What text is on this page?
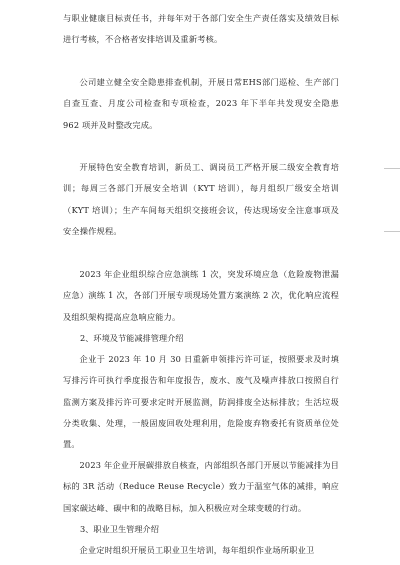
与职业健康目标责任书，并每年对于各部门安全生产责任落实及绩效目标进行考核，不合格者安排培训及重新考核。

公司建立健全安全隐患排查机制，开展日常EHS部门巡检、生产部门自查互查、月度公司检查和专项检查，2023 年下半年共发现安全隐患 962 项并及时整改完成。

开展特色安全教育培训，新员工、调岗员工严格开展二级安全教育培训；每周三各部门开展安全培训（KYT 培训），每月组织厂级安全培训（KYT 培训）；生产车间每天组织交接班会议，传达现场安全注意事项及安全操作规程。

2023 年企业组织综合应急演练 1 次，突发环境应急（危险废物泄漏应急）演练 1 次，各部门开展专项现场处置方案演练 2 次，优化响应流程及组织架构提高应急响应能力。

2、环境及节能减排管理介绍

企业于 2023 年 10 月 30 日重新申领排污许可证，按照要求及时填写排污许可执行季度报告和年度报告，废水、废气及噪声排放口按照自行监测方案及排污许可要求定时开展监测，防润排废全达标排放；生活垃圾分类收集、处理，一般固废回收处理利用，危险废弃物委托有资质单位处置。

2023 年企业开展碳排放自核查，内部组织各部门开展以节能减排为目标的 3R 活动（Reduce Reuse Recycle）致力于温室气体的减排，响应国家碳达峰、碳中和的战略目标，加入积极应对全球变暖的行动。

3、职业卫生管理介绍

企业定时组织开展员工职业卫生培训，每年组织作业场所职业卫
